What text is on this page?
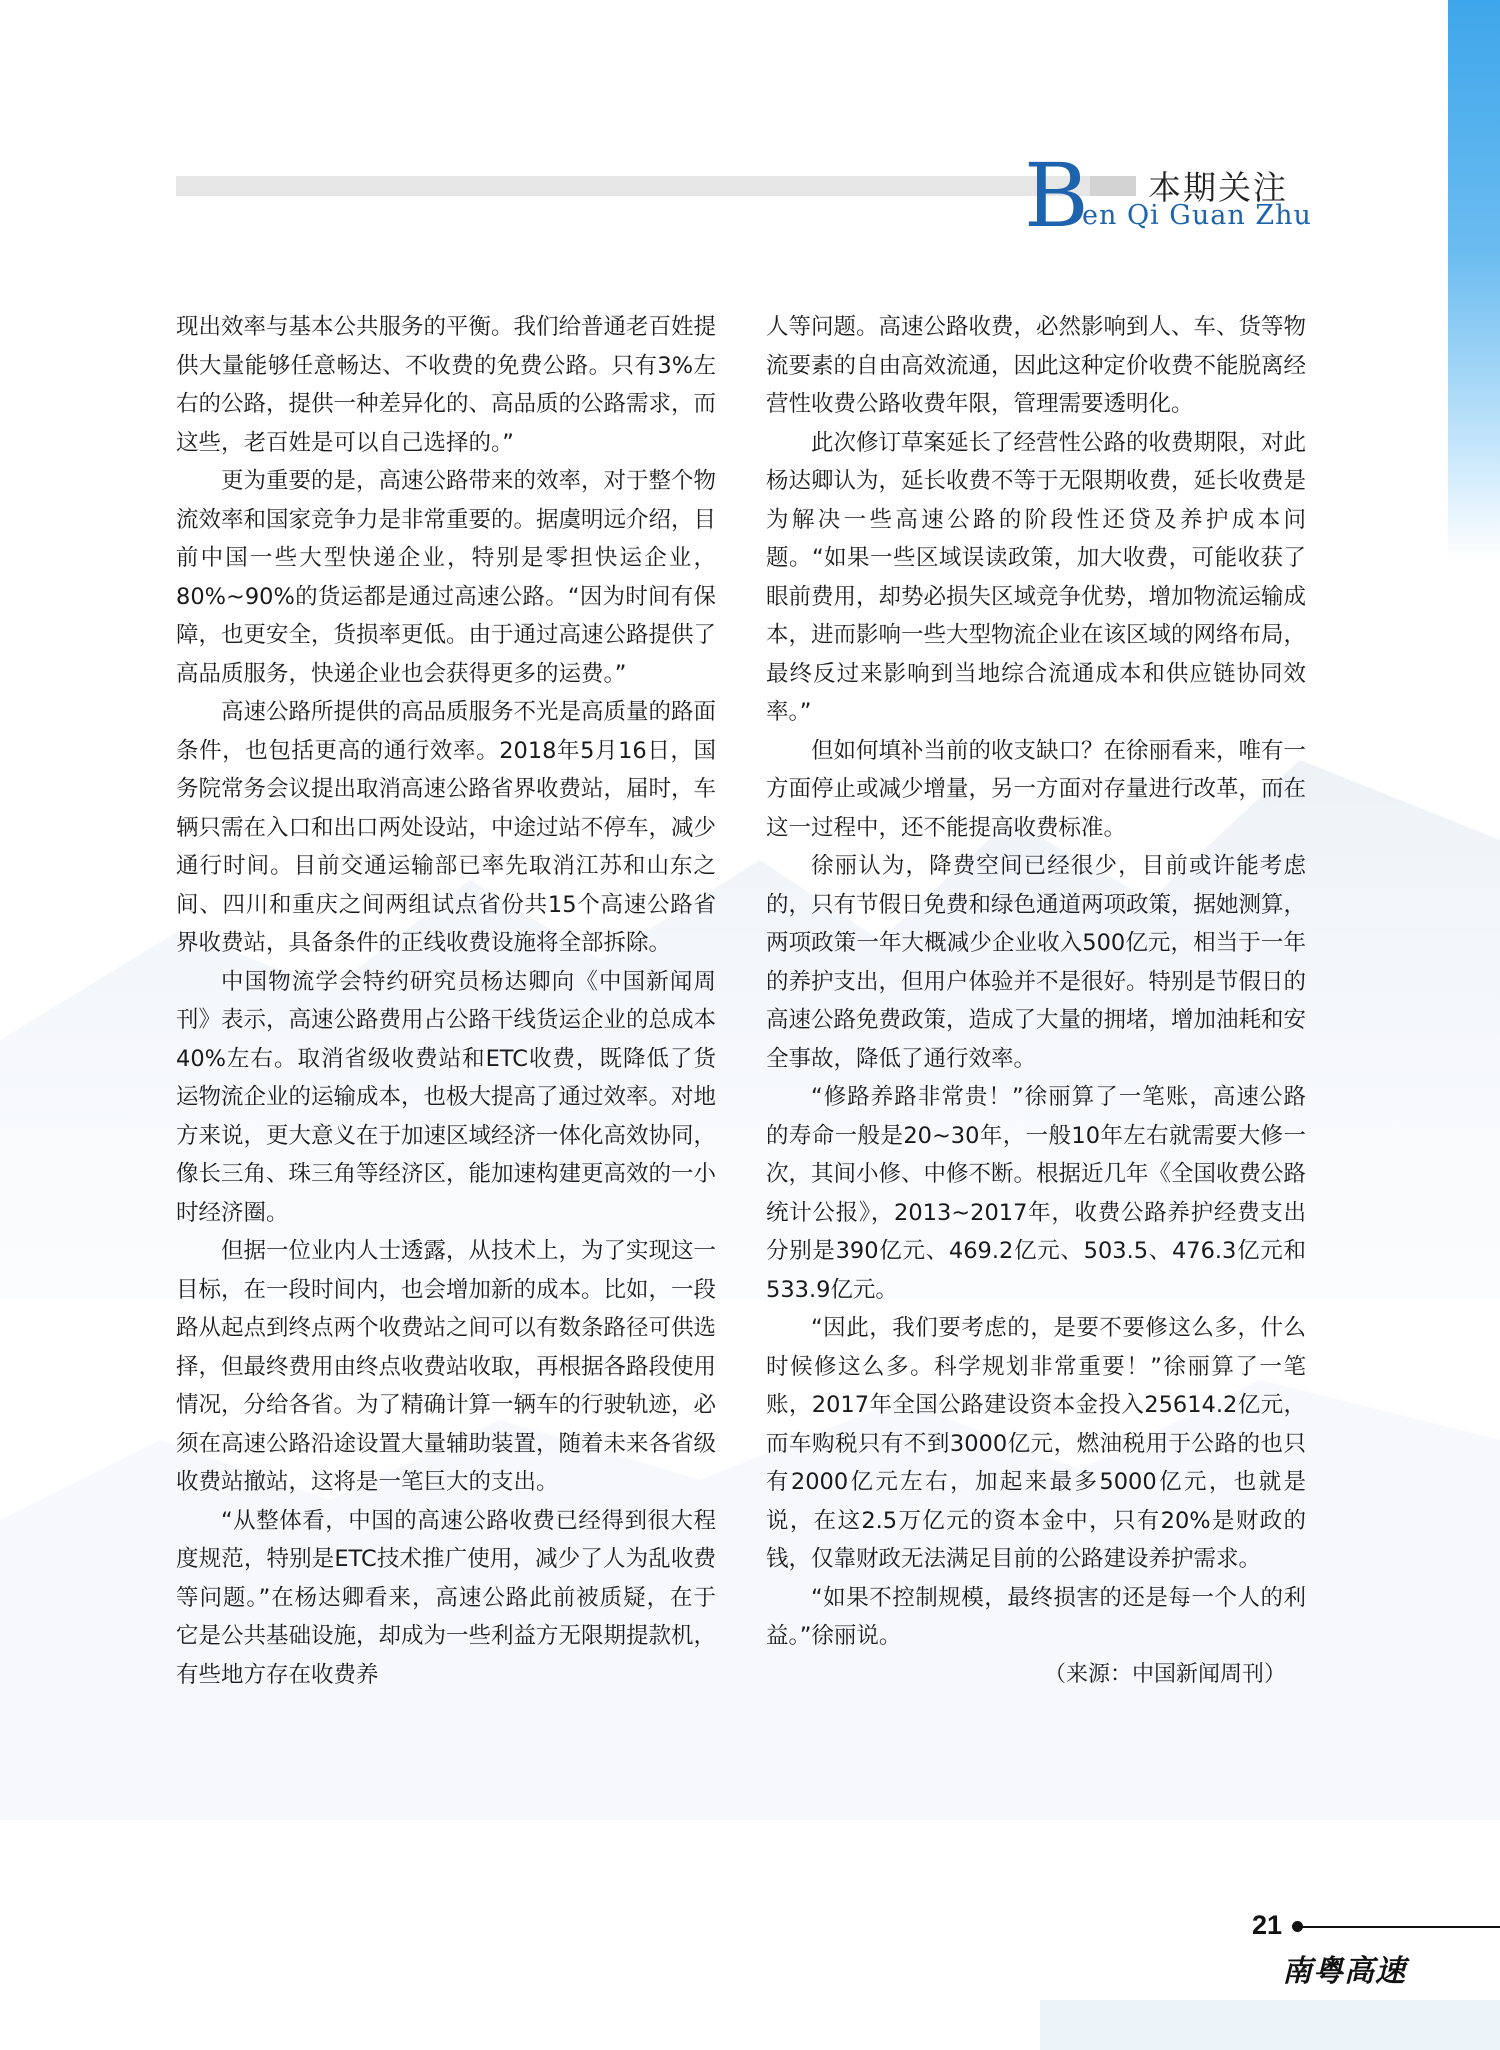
本期关注
B
en Qi Guan Zhu

现出效率与基本公共服务的平衡。我们给普通老百姓提供大量能够任意畅达、不收费的免费公路。只有3%左右的公路，提供一种差异化的、高品质的公路需求，而这些，老百姓是可以自己选择的。”

更为重要的是，高速公路带来的效率，对于整个物流效率和国家竞争力是非常重要的。据虞明远介绍，目前中国一些大型快递企业，特别是零担快运企业，80%~90%的货运都是通过高速公路。“因为时间有保障，也更安全，货损率更低。由于通过高速公路提供了高品质服务，快递企业也会获得更多的运费。”

高速公路所提供的高品质服务不光是高质量的路面条件，也包括更高的通行效率。2018年5月16日，国务院常务会议提出取消高速公路省界收费站，届时，车辆只需在入口和出口两处设站，中途过站不停车，减少通行时间。目前交通运输部已率先取消江苏和山东之间、四川和重庆之间两组试点省份共15个高速公路省界收费站，具备条件的正线收费设施将全部拆除。

中国物流学会特约研究员杨达卿向《中国新闻周刊》表示，高速公路费用占公路干线货运企业的总成本40%左右。取消省级收费站和ETC收费，既降低了货运物流企业的运输成本，也极大提高了通过效率。对地方来说，更大意义在于加速区域经济一体化高效协同，像长三角、珠三角等经济区，能加速构建更高效的一小时经济圈。

但据一位业内人士透露，从技术上，为了实现这一目标，在一段时间内，也会增加新的成本。比如，一段路从起点到终点两个收费站之间可以有数条路径可供选择，但最终费用由终点收费站收取，再根据各路段使用情况，分给各省。为了精确计算一辆车的行驶轨迹，必须在高速公路沿途设置大量辅助装置，随着未来各省级收费站撤站，这将是一笔巨大的支出。

“从整体看，中国的高速公路收费已经得到很大程度规范，特别是ETC技术推广使用，减少了人为乱收费等问题。”在杨达卿看来，高速公路此前被质疑，在于它是公共基础设施，却成为一些利益方无限期提款机，有些地方存在收费养

人等问题。高速公路收费，必然影响到人、车、货等物流要素的自由高效流通，因此这种定价收费不能脱离经营性收费公路收费年限，管理需要透明化。

此次修订草案延长了经营性公路的收费期限，对此杨达卿认为，延长收费不等于无限期收费，延长收费是为解决一些高速公路的阶段性还贷及养护成本问题。“如果一些区域误读政策，加大收费，可能收获了眼前费用，却势必损失区域竞争优势，增加物流运输成本，进而影响一些大型物流企业在该区域的网络布局，最终反过来影响到当地综合流通成本和供应链协同效率。”

但如何填补当前的收支缺口？在徐丽看来，唯有一方面停止或减少增量，另一方面对存量进行改革，而在这一过程中，还不能提高收费标准。

徐丽认为，降费空间已经很少，目前或许能考虑的，只有节假日免费和绿色通道两项政策，据她测算，两项政策一年大概减少企业收入500亿元，相当于一年的养护支出，但用户体验并不是很好。特别是节假日的高速公路免费政策，造成了大量的拥堵，增加油耗和安全事故，降低了通行效率。

“修路养路非常贵！”徐丽算了一笔账，高速公路的寿命一般是20~30年，一般10年左右就需要大修一次，其间小修、中修不断。根据近几年《全国收费公路统计公报》，2013~2017年，收费公路养护经费支出分别是390亿元、469.2亿元、503.5、476.3亿元和533.9亿元。

“因此，我们要考虑的，是要不要修这么多，什么时候修这么多。科学规划非常重要！”徐丽算了一笔账，2017年全国公路建设资本金投入25614.2亿元，而车购税只有不到3000亿元，燃油税用于公路的也只有2000亿元左右，加起来最多5000亿元，也就是说，在这2.5万亿元的资本金中，只有20%是财政的钱，仅靠财政无法满足目前的公路建设养护需求。

“如果不控制规模，最终损害的还是每一个人的利益。”徐丽说。

（来源：中国新闻周刊）
21
南粤高速
